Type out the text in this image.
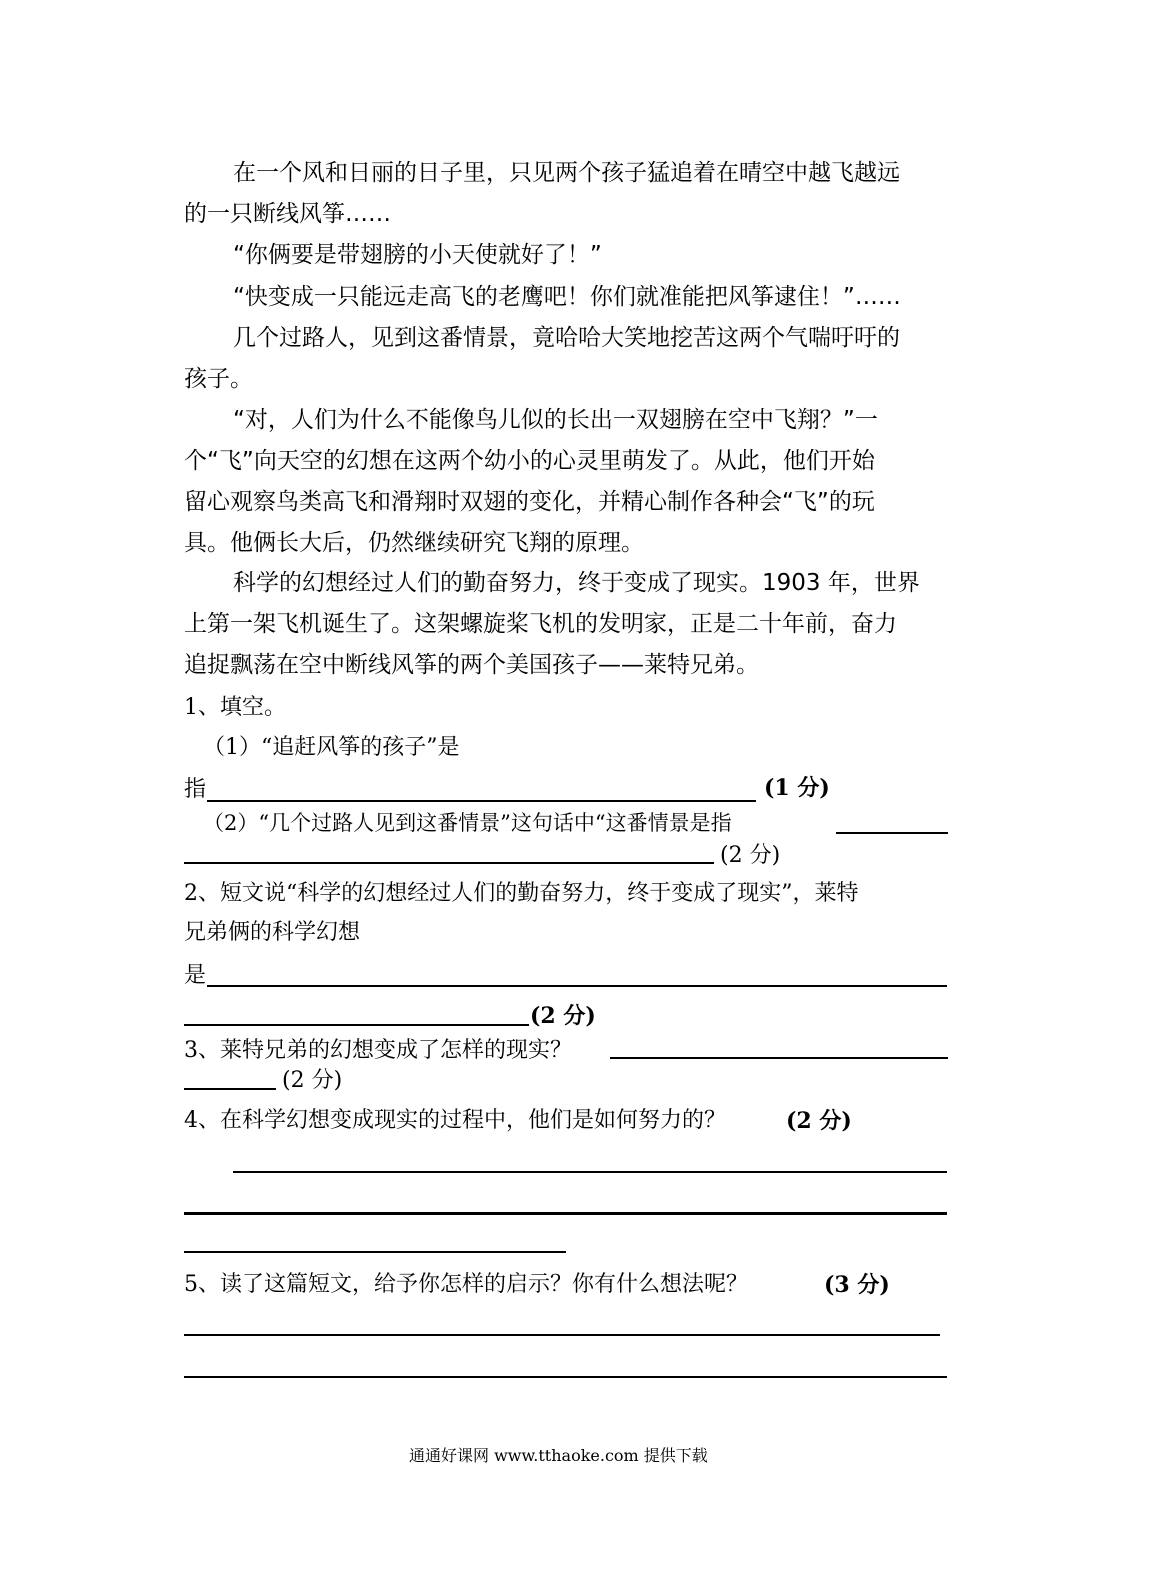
在一个风和日丽的日子里，只见两个孩子猛追着在晴空中越飞越远
的一只断线风筝……
“你俩要是带翅膀的小天使就好了！”
“快变成一只能远走高飞的老鹰吧！你们就准能把风筝逮住！”……
几个过路人，见到这番情景，竟哈哈大笑地挖苦这两个气喘吁吁的
孩子。
“对，人们为什么不能像鸟儿似的长出一双翅膀在空中飞翔？”一
个“飞”向天空的幻想在这两个幼小的心灵里萌发了。从此，他们开始
留心观察鸟类高飞和滑翔时双翅的变化，并精心制作各种会“飞”的玩
具。他俩长大后，仍然继续研究飞翔的原理。
科学的幻想经过人们的勤奋努力，终于变成了现实。1903 年，世界
上第一架飞机诞生了。这架螺旋桨飞机的发明家，正是二十年前，奋力
追捉飘荡在空中断线风筝的两个美国孩子——莱特兄弟。
1、填空。
（1）“追赶风筝的孩子”是
指	(1 分)
（2）“几个过路人见到这番情景”这句话中“这番情景是指
(2 分)
2、短文说“科学的幻想经过人们的勤奋努力，终于变成了现实”，莱特
兄弟俩的科学幻想
是
(2 分)
3、莱特兄弟的幻想变成了怎样的现实？
(2 分)
4、在科学幻想变成现实的过程中，他们是如何努力的？	(2 分)
5、读了这篇短文，给予你怎样的启示？你有什么想法呢？	(3 分)
通通好课网 www.tthaoke.com 提供下载
